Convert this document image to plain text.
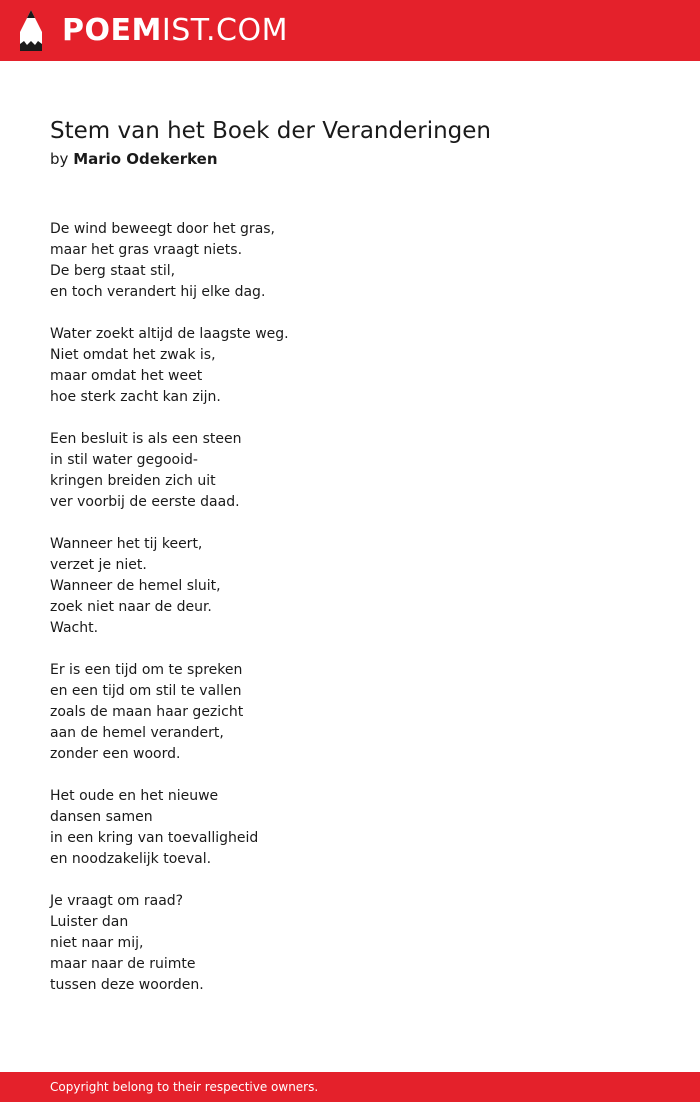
POEMIST.COM
Stem van het Boek der Veranderingen
by Mario Odekerken
De wind beweegt door het gras,
maar het gras vraagt niets.
De berg staat stil,
en toch verandert hij elke dag.
Water zoekt altijd de laagste weg.
Niet omdat het zwak is,
maar omdat het weet
hoe sterk zacht kan zijn.
Een besluit is als een steen
in stil water gegooid-
kringen breiden zich uit
ver voorbij de eerste daad.
Wanneer het tij keert,
verzet je niet.
Wanneer de hemel sluit,
zoek niet naar de deur.
Wacht.
Er is een tijd om te spreken
en een tijd om stil te vallen
zoals de maan haar gezicht
aan de hemel verandert,
zonder een woord.
Het oude en het nieuwe
dansen samen
in een kring van toevalligheid
en noodzakelijk toeval.
Je vraagt om raad?
Luister dan
niet naar mij,
maar naar de ruimte
tussen deze woorden.
Copyright belong to their respective owners.
